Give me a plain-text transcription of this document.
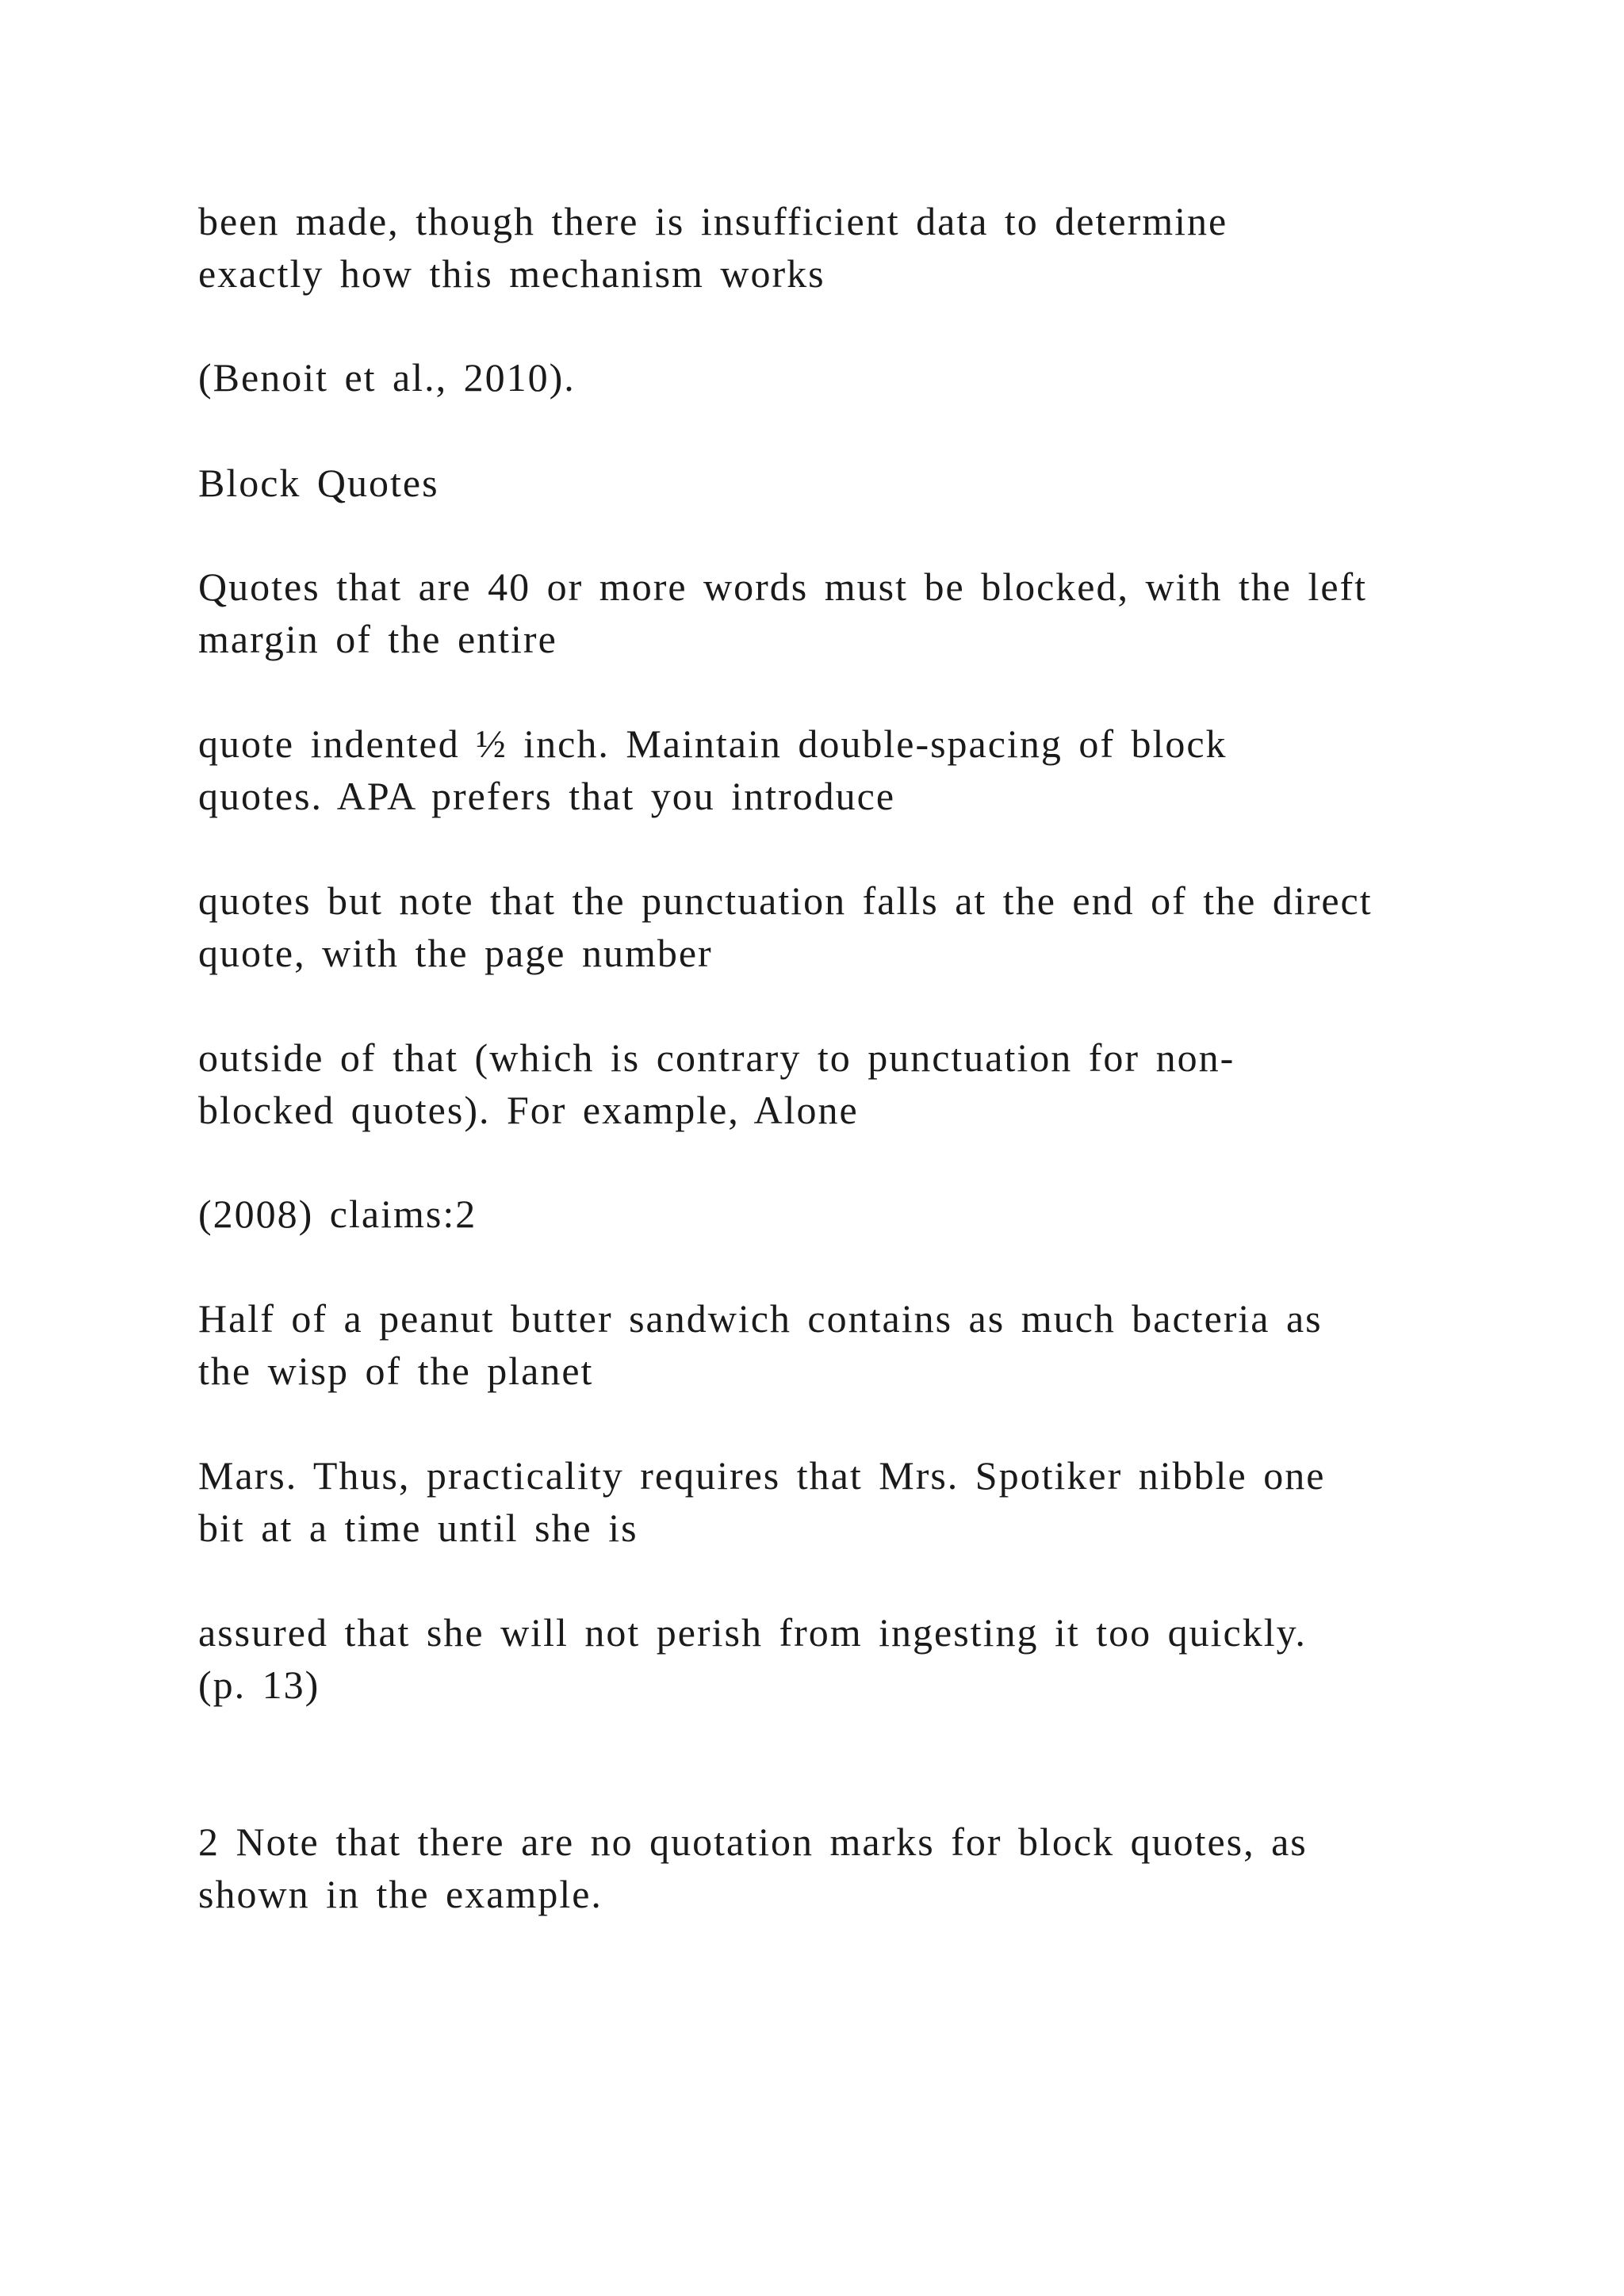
been made, though there is insufficient data to determine
exactly how this mechanism works

(Benoit et al., 2010).

Block Quotes

Quotes that are 40 or more words must be blocked, with the left
margin of the entire

quote indented ½ inch. Maintain double-spacing of block
quotes. APA prefers that you introduce

quotes but note that the punctuation falls at the end of the direct
quote, with the page number

outside of that (which is contrary to punctuation for non-
blocked quotes). For example, Alone

(2008) claims:2

Half of a peanut butter sandwich contains as much bacteria as
the wisp of the planet

Mars. Thus, practicality requires that Mrs. Spotiker nibble one
bit at a time until she is

assured that she will not perish from ingesting it too quickly.
(p. 13)

2 Note that there are no quotation marks for block quotes, as
shown in the example.
